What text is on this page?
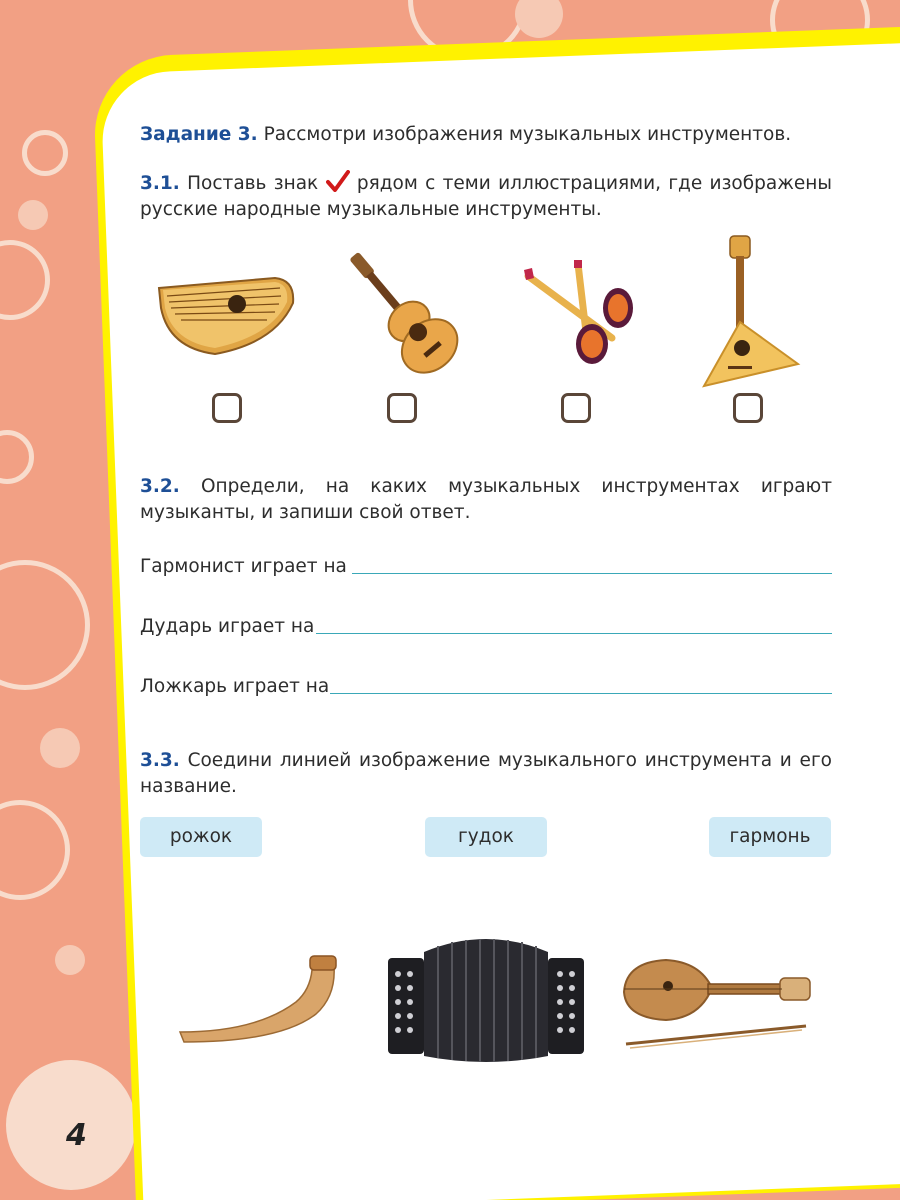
4
Задание 3. Рассмотри изображения музыкальных инструментов.
3.1. Поставь знак рядом с теми иллюстрациями, где изображены русские народные музыкальные инструменты.
3.2. Определи, на каких музыкальных инструментах играют музыканты, и запиши свой ответ.
Гармонист играет на
Дударь играет на
Ложкарь играет на
3.3. Соедини линией изображение музыкального инструмента и его название.
рожок	гудок	гармонь
